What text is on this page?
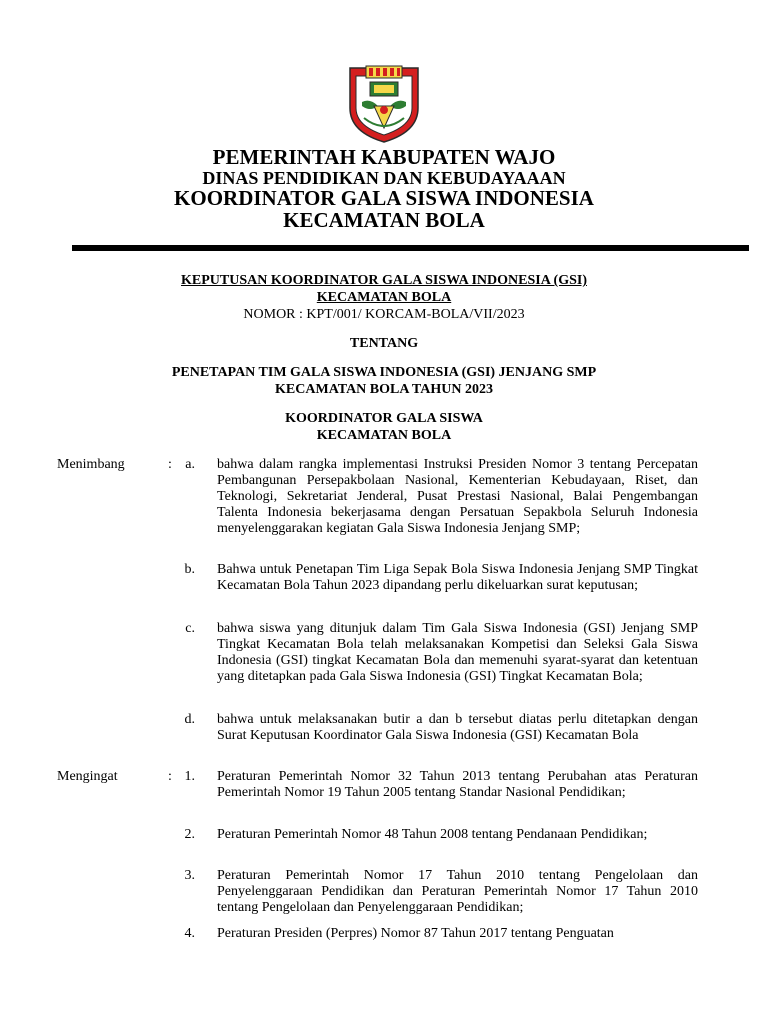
PEMERINTAH KABUPATEN WAJO
DINAS PENDIDIKAN DAN KEBUDAYAAAN
KOORDINATOR GALA SISWA INDONESIA
KECAMATAN BOLA
KEPUTUSAN KOORDINATOR GALA SISWA INDONESIA (GSI)
KECAMATAN BOLA
NOMOR : KPT/001/ KORCAM-BOLA/VII/2023
TENTANG
PENETAPAN TIM GALA SISWA INDONESIA (GSI) JENJANG SMP
KECAMATAN BOLA TAHUN 2023
KOORDINATOR GALA SISWA
KECAMATAN BOLA
Menimbang	: a. bahwa dalam rangka implementasi Instruksi Presiden Nomor 3 tentang Percepatan Pembangunan Persepakbolaan Nasional, Kementerian Kebudayaan, Riset, dan Teknologi, Sekretariat Jenderal, Pusat Prestasi Nasional, Balai Pengembangan Talenta Indonesia bekerjasama dengan Persatuan Sepakbola Seluruh Indonesia menyelenggarakan kegiatan Gala Siswa Indonesia Jenjang SMP;
b. Bahwa untuk Penetapan Tim Liga Sepak Bola Siswa Indonesia Jenjang SMP Tingkat Kecamatan Bola Tahun 2023 dipandang perlu dikeluarkan surat keputusan;
c. bahwa siswa yang ditunjuk dalam Tim Gala Siswa Indonesia (GSI) Jenjang SMP Tingkat Kecamatan Bola telah melaksanakan Kompetisi dan Seleksi Gala Siswa Indonesia (GSI) tingkat Kecamatan Bola dan memenuhi syarat-syarat dan ketentuan yang ditetapkan pada Gala Siswa Indonesia (GSI) Tingkat Kecamatan Bola;
d. bahwa untuk melaksanakan butir a dan b tersebut diatas perlu ditetapkan dengan Surat Keputusan Koordinator Gala Siswa Indonesia (GSI) Kecamatan Bola
Mengingat	: 1. Peraturan Pemerintah Nomor 32 Tahun 2013 tentang Perubahan atas Peraturan Pemerintah Nomor 19 Tahun 2005 tentang Standar Nasional Pendidikan;
2. Peraturan Pemerintah Nomor 48 Tahun 2008 tentang Pendanaan Pendidikan;
3. Peraturan Pemerintah Nomor 17 Tahun 2010 tentang Pengelolaan dan Penyelenggaraan Pendidikan dan Peraturan Pemerintah Nomor 17 Tahun 2010 tentang Pengelolaan dan Penyelenggaraan Pendidikan;
4. Peraturan Presiden (Perpres) Nomor 87 Tahun 2017 tentang Penguatan
